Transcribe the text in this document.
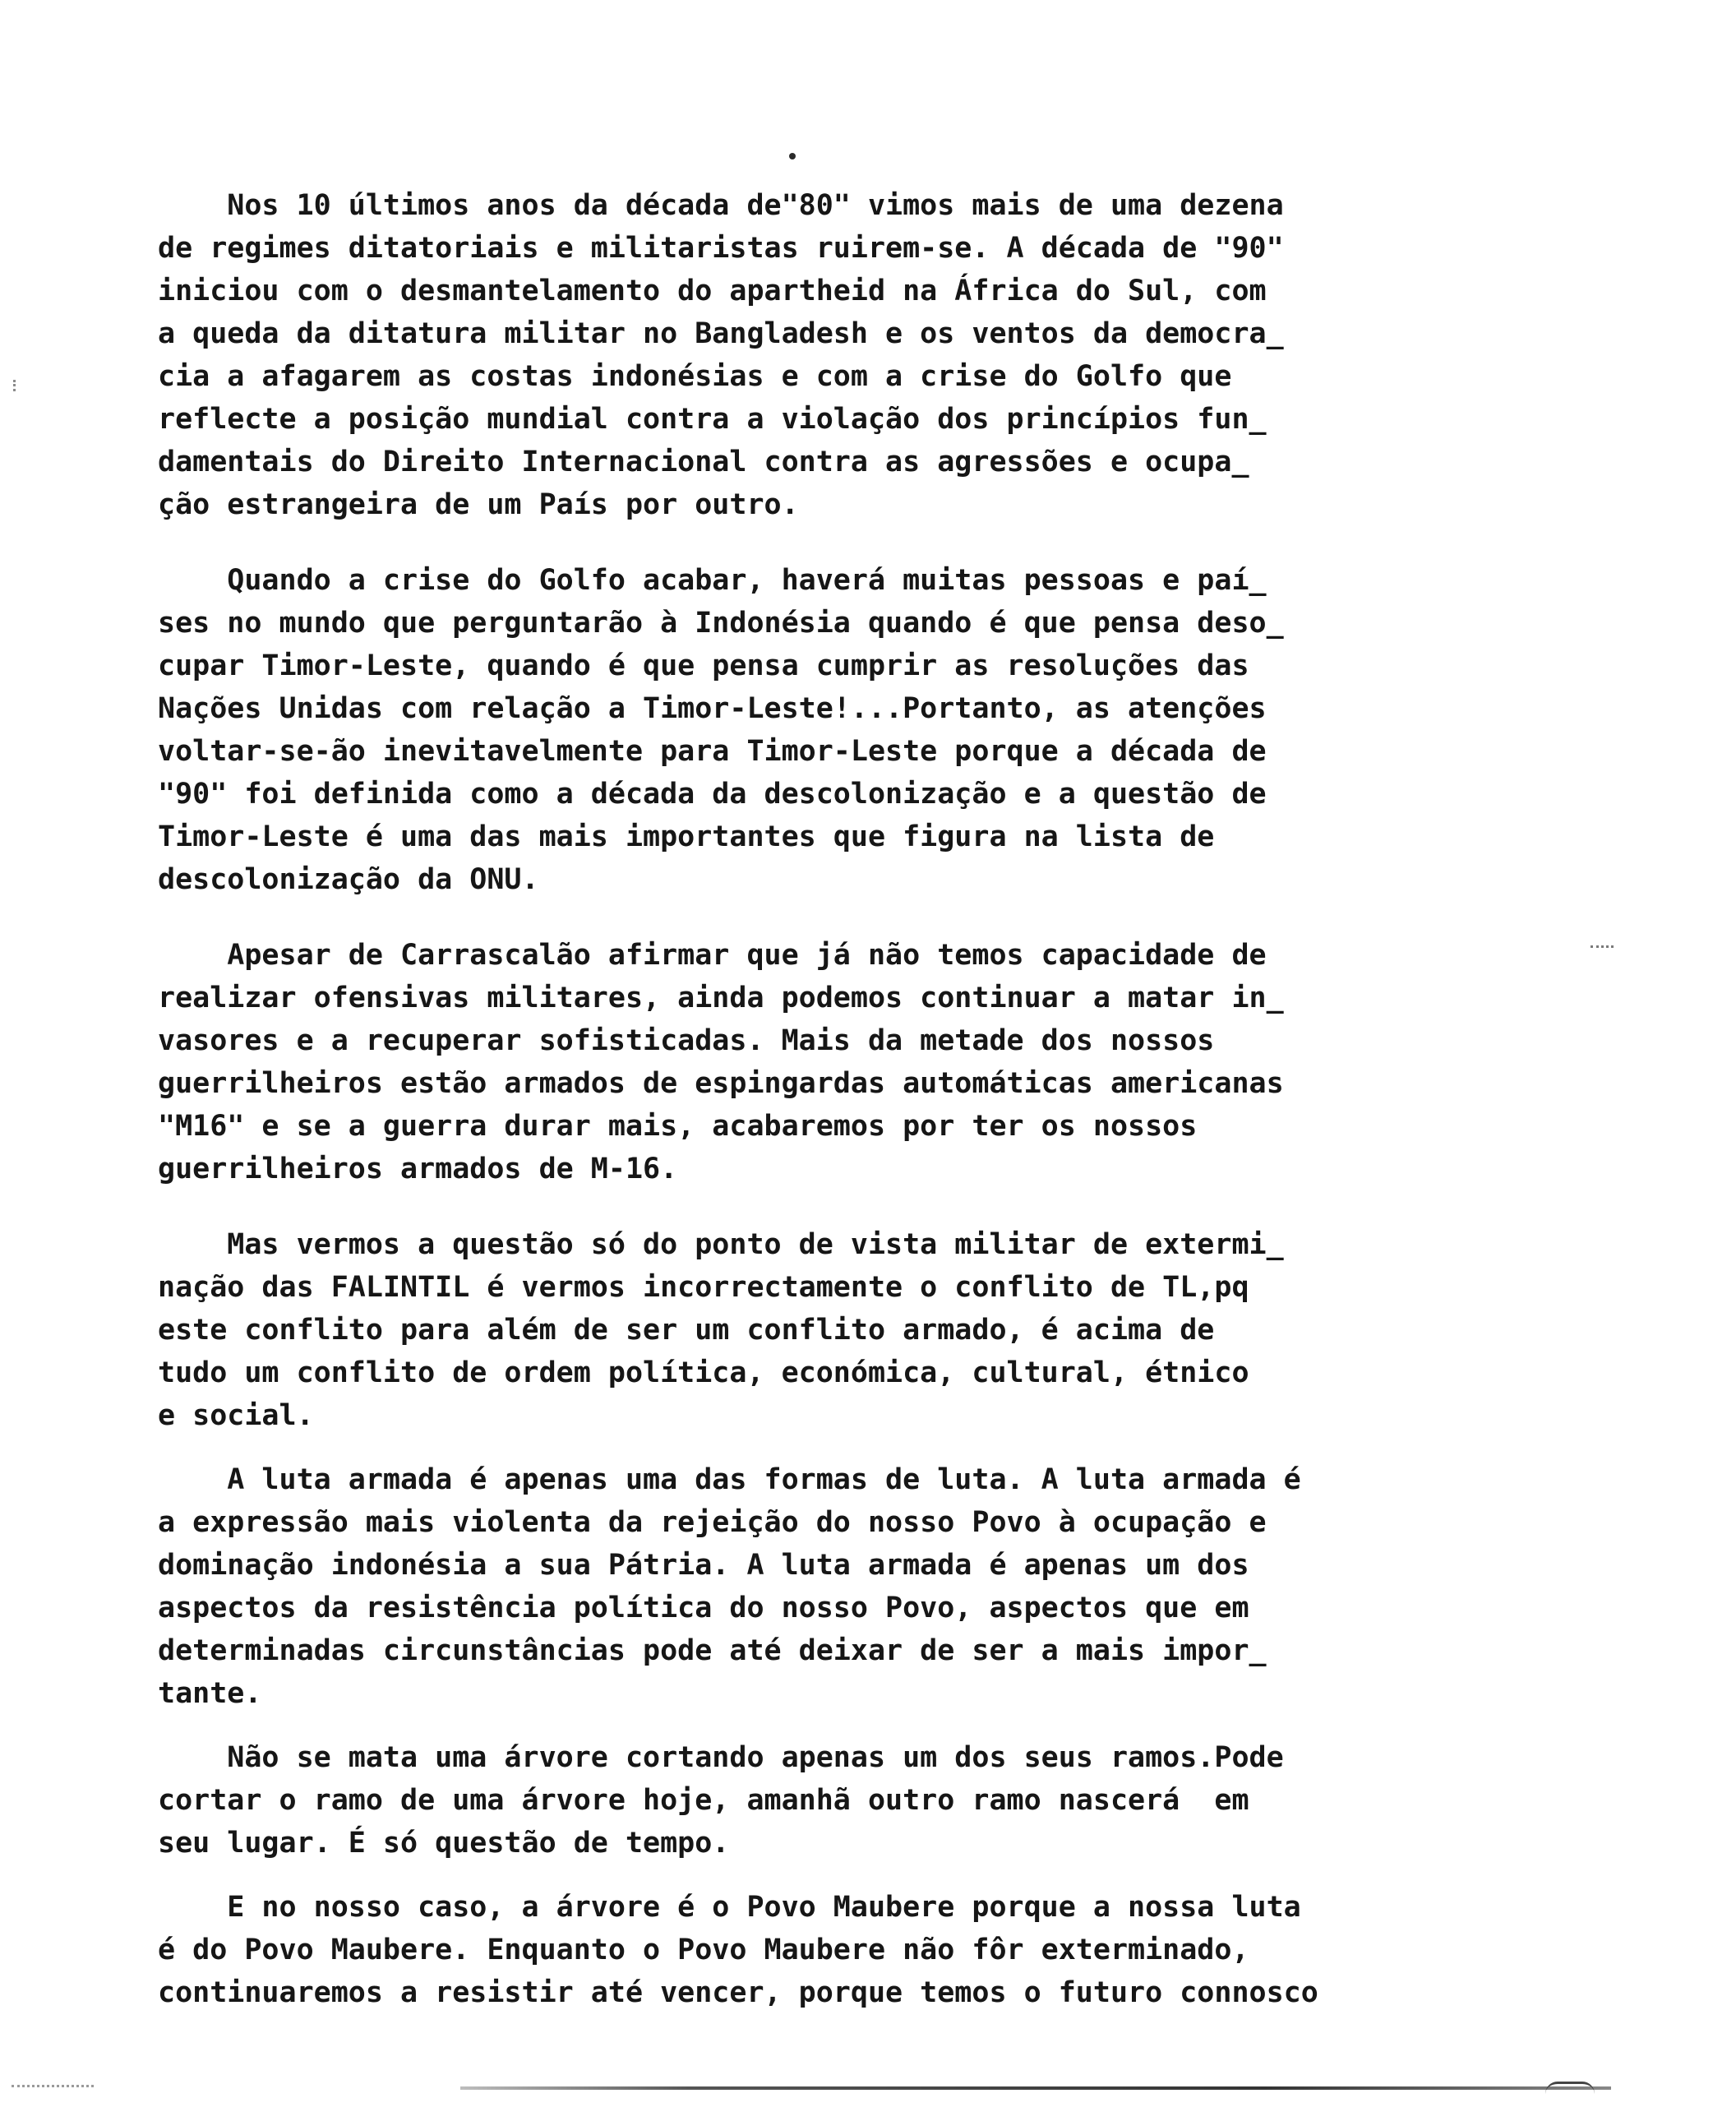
Nos 10 últimos anos da década de"80" vimos mais de uma dezena
de regimes ditatoriais e militaristas ruirem-se. A década de "90"
iniciou com o desmantelamento do apartheid na África do Sul, com
a queda da ditatura militar no Bangladesh e os ventos da democra_
cia a afagarem as costas indonésias e com a crise do Golfo que
reflecte a posição mundial contra a violação dos princípios fun_
damentais do Direito Internacional contra as agressões e ocupa_
ção estrangeira de um País por outro.
Quando a crise do Golfo acabar, haverá muitas pessoas e paí_
ses no mundo que perguntarão à Indonésia quando é que pensa deso_
cupar Timor-Leste, quando é que pensa cumprir as resoluções das
Nações Unidas com relação a Timor-Leste!...Portanto, as atenções
voltar-se-ão inevitavelmente para Timor-Leste porque a década de
"90" foi definida como a década da descolonização e a questão de
Timor-Leste é uma das mais importantes que figura na lista de
descolonização da ONU.
Apesar de Carrascalão afirmar que já não temos capacidade de
realizar ofensivas militares, ainda podemos continuar a matar in_
vasores e a recuperar sofisticadas. Mais da metade dos nossos
guerrilheiros estão armados de espingardas automáticas americanas
"M16" e se a guerra durar mais, acabaremos por ter os nossos
guerrilheiros armados de M-16.
Mas vermos a questão só do ponto de vista militar de extermi_
nação das FALINTIL é vermos incorrectamente o conflito de TL,pq
este conflito para além de ser um conflito armado, é acima de
tudo um conflito de ordem política, económica, cultural, étnico
e social.
A luta armada é apenas uma das formas de luta. A luta armada é
a expressão mais violenta da rejeição do nosso Povo à ocupação e
dominação indonésia a sua Pátria. A luta armada é apenas um dos
aspectos da resistência política do nosso Povo, aspectos que em
determinadas circunstâncias pode até deixar de ser a mais impor_
tante.
Não se mata uma árvore cortando apenas um dos seus ramos.Pode
cortar o ramo de uma árvore hoje, amanhã outro ramo nascerá  em
seu lugar. É só questão de tempo.
E no nosso caso, a árvore é o Povo Maubere porque a nossa luta
é do Povo Maubere. Enquanto o Povo Maubere não fôr exterminado,
continuaremos a resistir até vencer, porque temos o futuro connosco
